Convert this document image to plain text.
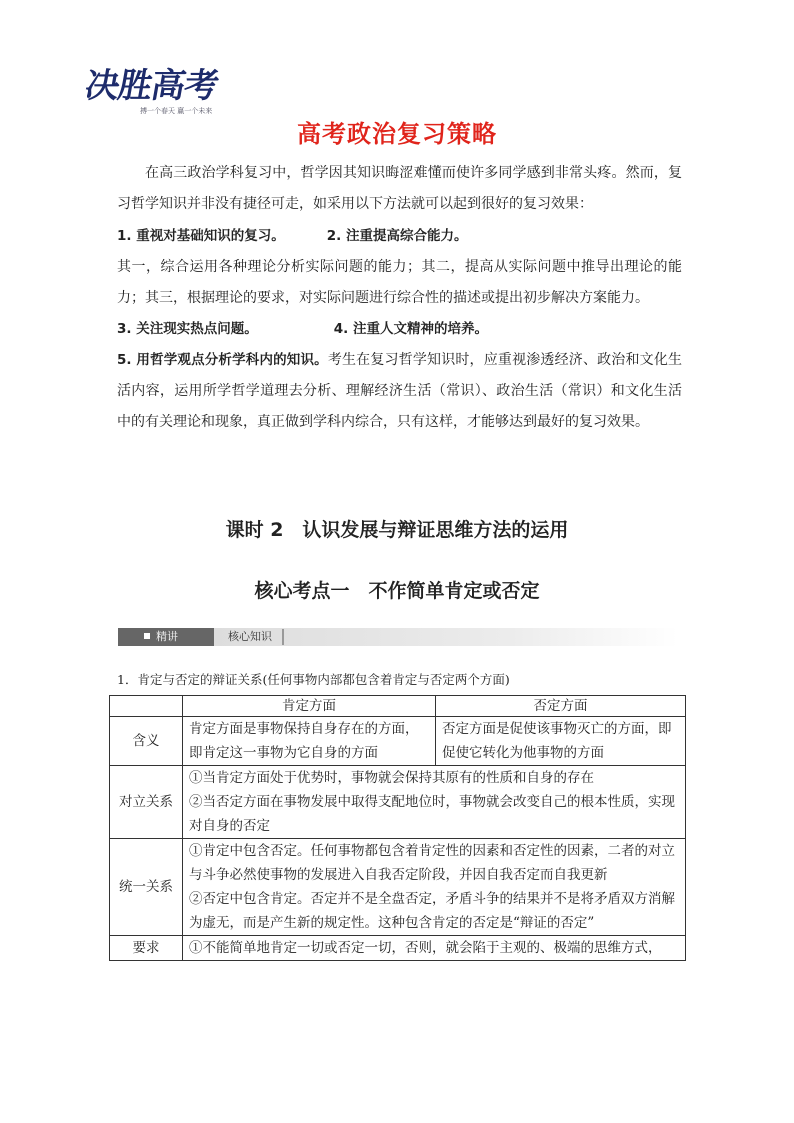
决胜高考
搏一个春天 赢一个未来
高考政治复习策略
在高三政治学科复习中，哲学因其知识晦涩难懂而使许多同学感到非常头疼。然而，复习哲学知识并非没有捷径可走，如采用以下方法就可以起到很好的复习效果：
1. 重视对基础知识的复习。	2. 注重提高综合能力。
其一，综合运用各种理论分析实际问题的能力；其二，提高从实际问题中推导出理论的能力；其三，根据理论的要求，对实际问题进行综合性的描述或提出初步解决方案能力。
3. 关注现实热点问题。	4. 注重人文精神的培养。
5. 用哲学观点分析学科内的知识。考生在复习哲学知识时，应重视渗透经济、政治和文化生活内容，运用所学哲学道理去分析、理解经济生活（常识）、政治生活（常识）和文化生活中的有关理论和现象，真正做到学科内综合，只有这样，才能够达到最好的复习效果。
课时 2　认识发展与辩证思维方法的运用
核心考点一　不作简单肯定或否定
精讲	核心知识
1．肯定与否定的辩证关系(任何事物内部都包含着肯定与否定两个方面)
	肯定方面	否定方面
含义	肯定方面是事物保持自身存在的方面，即肯定这一事物为它自身的方面	否定方面是促使该事物灭亡的方面，即促使它转化为他事物的方面
对立关系	①当肯定方面处于优势时，事物就会保持其原有的性质和自身的存在
②当否定方面在事物发展中取得支配地位时，事物就会改变自己的根本性质，实现对自身的否定	

统一关系	①肯定中包含否定。任何事物都包含着肯定性的因素和否定性的因素，二者的对立与斗争必然使事物的发展进入自我否定阶段，并因自我否定而自我更新
②否定中包含肯定。否定并不是全盘否定，矛盾斗争的结果并不是将矛盾双方消解为虚无，而是产生新的规定性。这种包含肯定的否定是“辩证的否定”	

要求	①不能简单地肯定一切或否定一切，否则，就会陷于主观的、极端的思维方式，	
